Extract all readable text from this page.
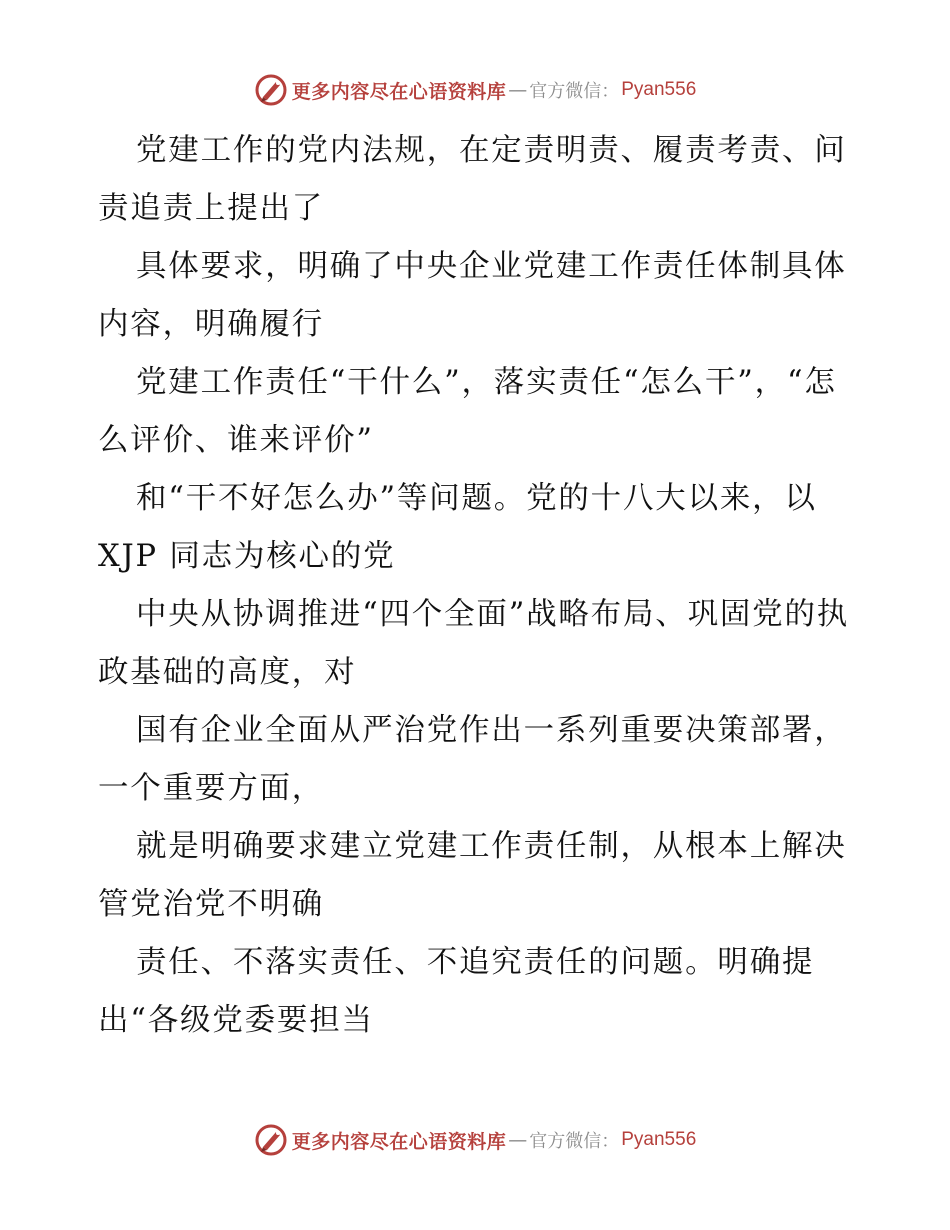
更多内容尽在心语资料库 — 官方微信： Pyan556

党建工作的党内法规，在定责明责、履责考责、问责追责上提出了

具体要求，明确了中央企业党建工作责任体制具体内容，明确履行

党建工作责任“干什么”，落实责任“怎么干”，“怎么评价、谁来评价”

和“干不好怎么办”等问题。党的十八大以来，以 XJP 同志为核心的党

中央从协调推进“四个全面”战略布局、巩固党的执政基础的高度，对

国有企业全面从严治党作出一系列重要决策部署，一个重要方面，

就是明确要求建立党建工作责任制，从根本上解决管党治党不明确

责任、不落实责任、不追究责任的问题。明确提出“各级党委要担当

更多内容尽在心语资料库 — 官方微信： Pyan556
